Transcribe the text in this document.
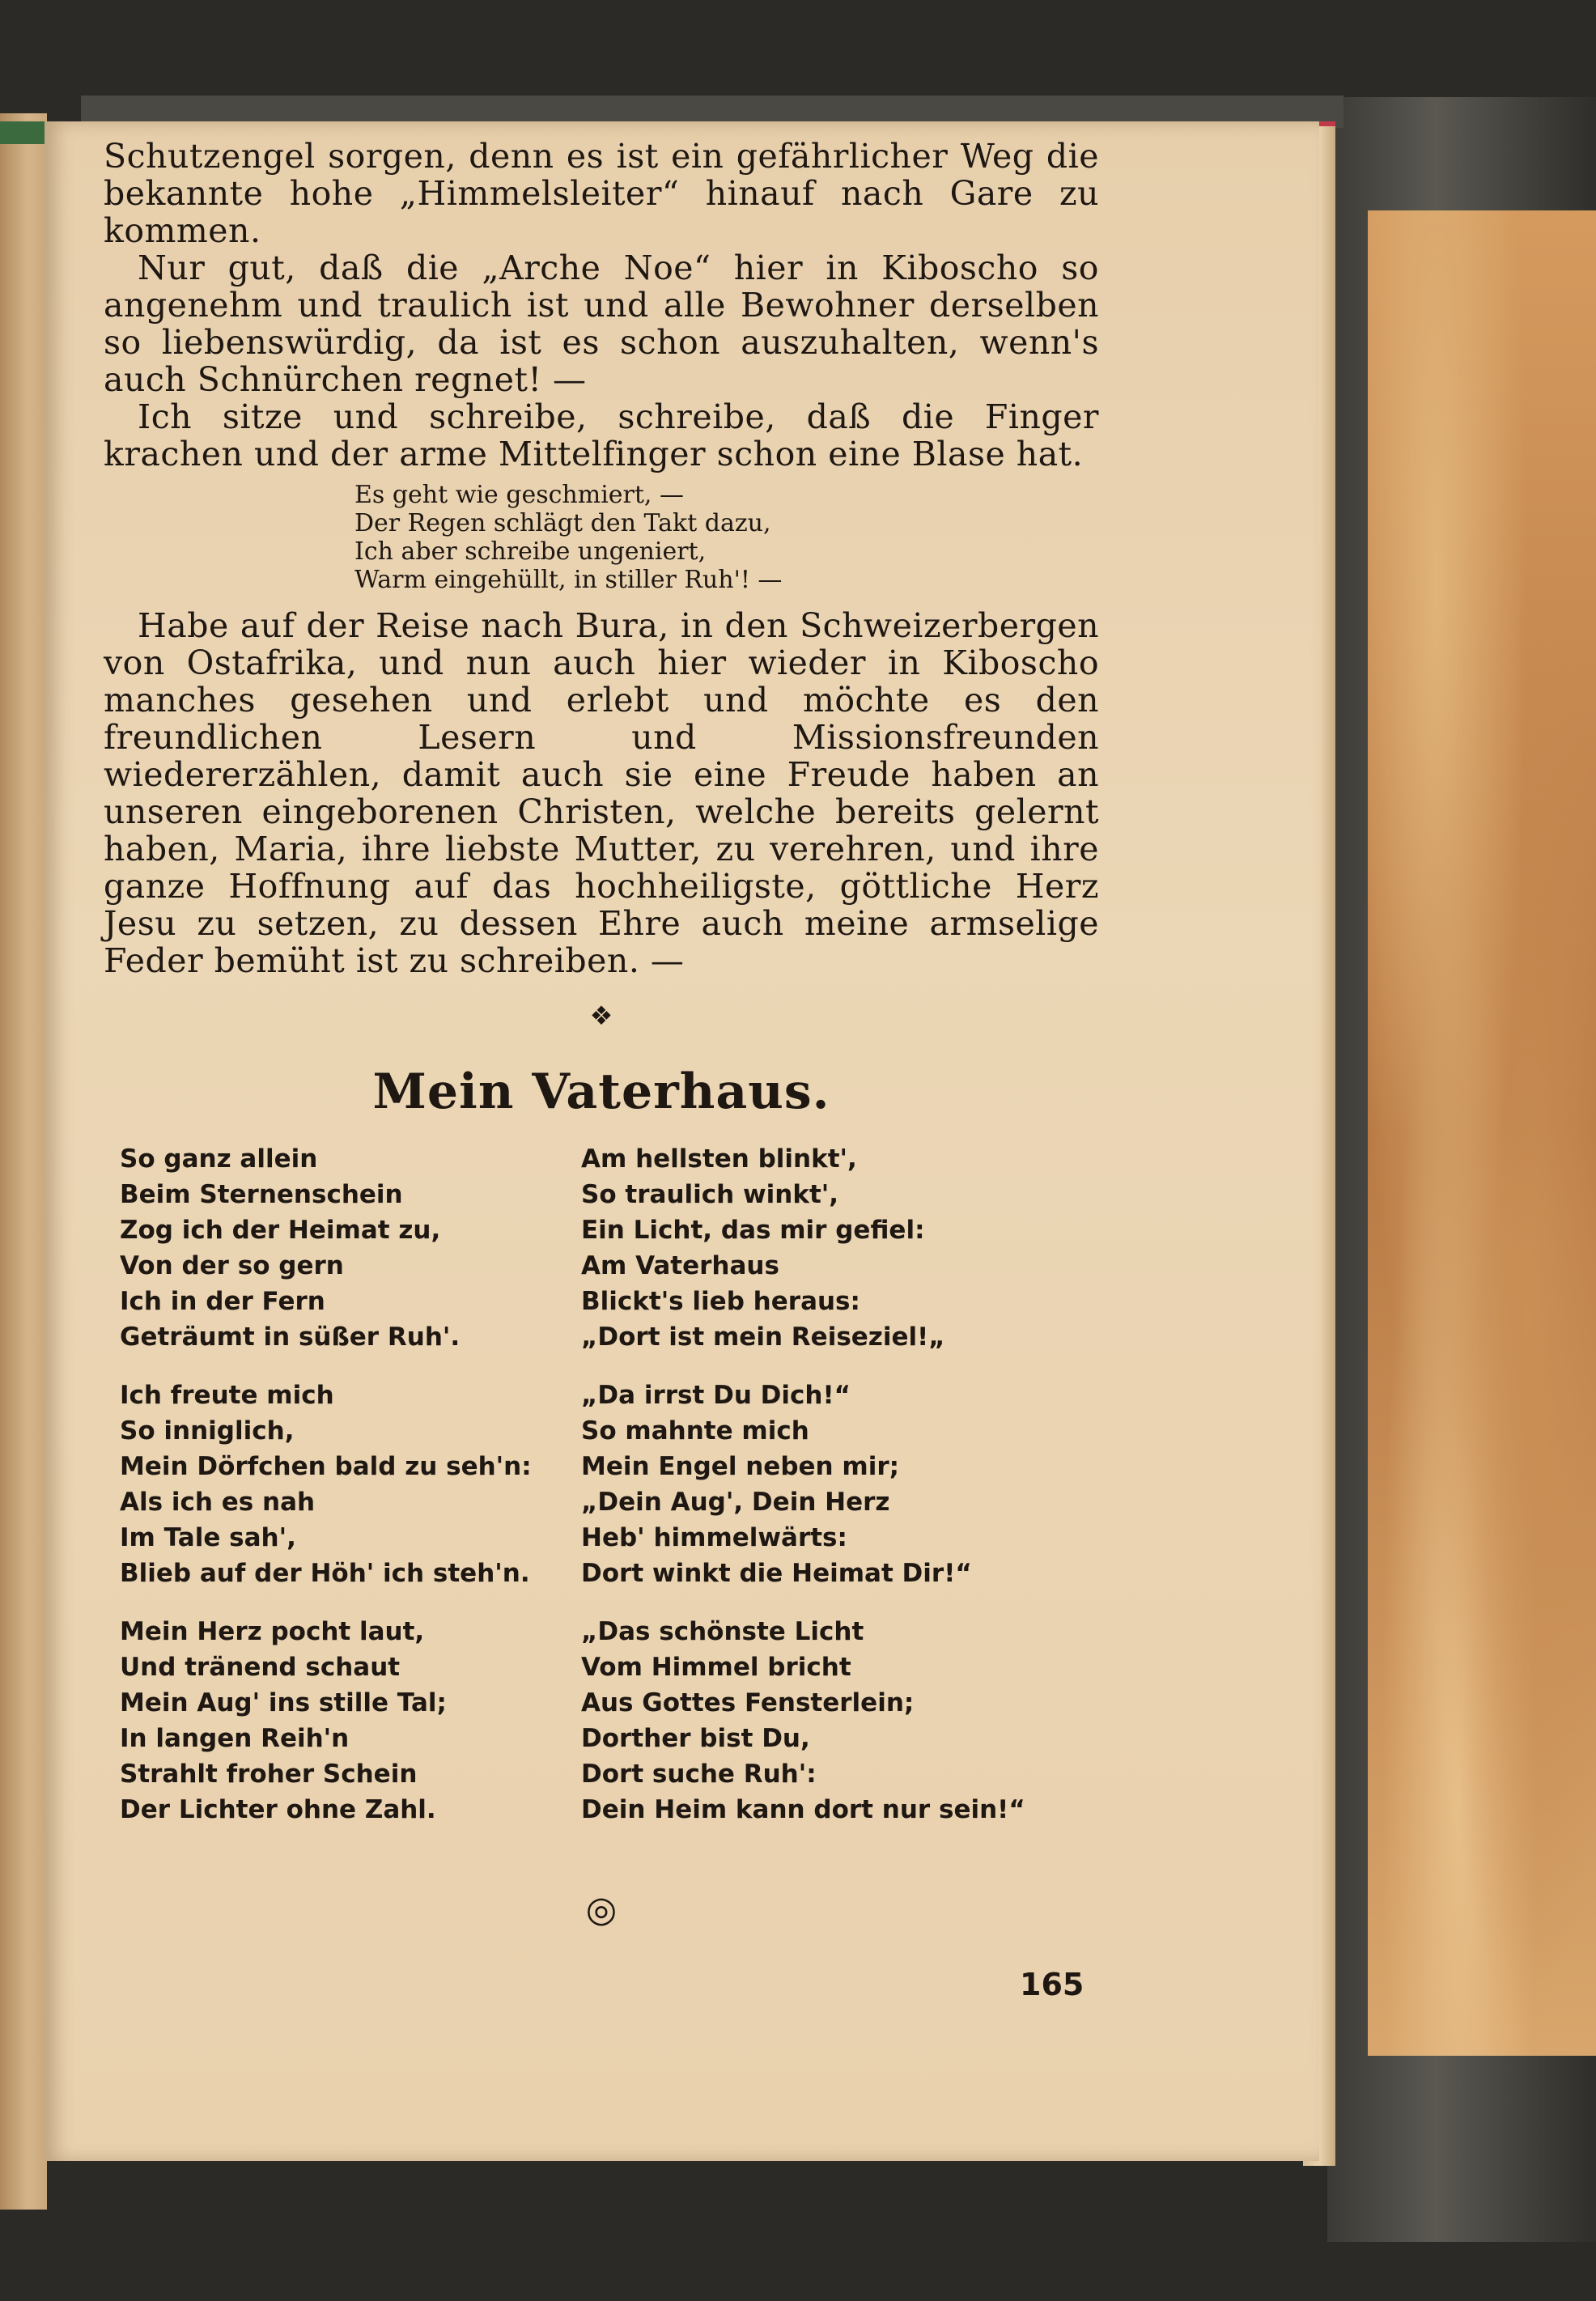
Schutzengel sorgen, denn es ist ein gefährlicher Weg die bekannte hohe „Himmelsleiter“ hinauf nach Gare zu kommen.

Nur gut, daß die „Arche Noe“ hier in Kiboscho so angenehm und traulich ist und alle Bewohner derselben so liebenswürdig, da ist es schon auszuhalten, wenn's auch Schnürchen regnet! —

Ich sitze und schreibe, schreibe, daß die Finger krachen und der arme Mittelfinger schon eine Blase hat.

Es geht wie geschmiert, —
Der Regen schlägt den Takt dazu,
Ich aber schreibe ungeniert,
Warm eingehüllt, in stiller Ruh'! —

Habe auf der Reise nach Bura, in den Schweizerbergen von Ostafrika, und nun auch hier wieder in Kiboscho manches gesehen und erlebt und möchte es den freundlichen Lesern und Missionsfreunden wiedererzählen, damit auch sie eine Freude haben an unseren eingeborenen Christen, welche bereits gelernt haben, Maria, ihre liebste Mutter, zu verehren, und ihre ganze Hoffnung auf das hochheiligste, göttliche Herz Jesu zu setzen, zu dessen Ehre auch meine armselige Feder bemüht ist zu schreiben. —

❖
Mein Vaterhaus.
So ganz allein
Beim Sternenschein
Zog ich der Heimat zu,
Von der so gern
Ich in der Fern
Geträumt in süßer Ruh'.
Ich freute mich
So inniglich,
Mein Dörfchen bald zu seh'n:
Als ich es nah
Im Tale sah',
Blieb auf der Höh' ich steh'n.
Mein Herz pocht laut,
Und tränend schaut
Mein Aug' ins stille Tal;
In langen Reih'n
Strahlt froher Schein
Der Lichter ohne Zahl.
Am hellsten blinkt',
So traulich winkt',
Ein Licht, das mir gefiel:
Am Vaterhaus
Blickt's lieb heraus:
„Dort ist mein Reiseziel!„
„Da irrst Du Dich!“
So mahnte mich
Mein Engel neben mir;
„Dein Aug', Dein Herz
Heb' himmelwärts:
Dort winkt die Heimat Dir!“
„Das schönste Licht
Vom Himmel bricht
Aus Gottes Fensterlein;
Dorther bist Du,
Dort suche Ruh':
Dein Heim kann dort nur sein!“
◎
165
